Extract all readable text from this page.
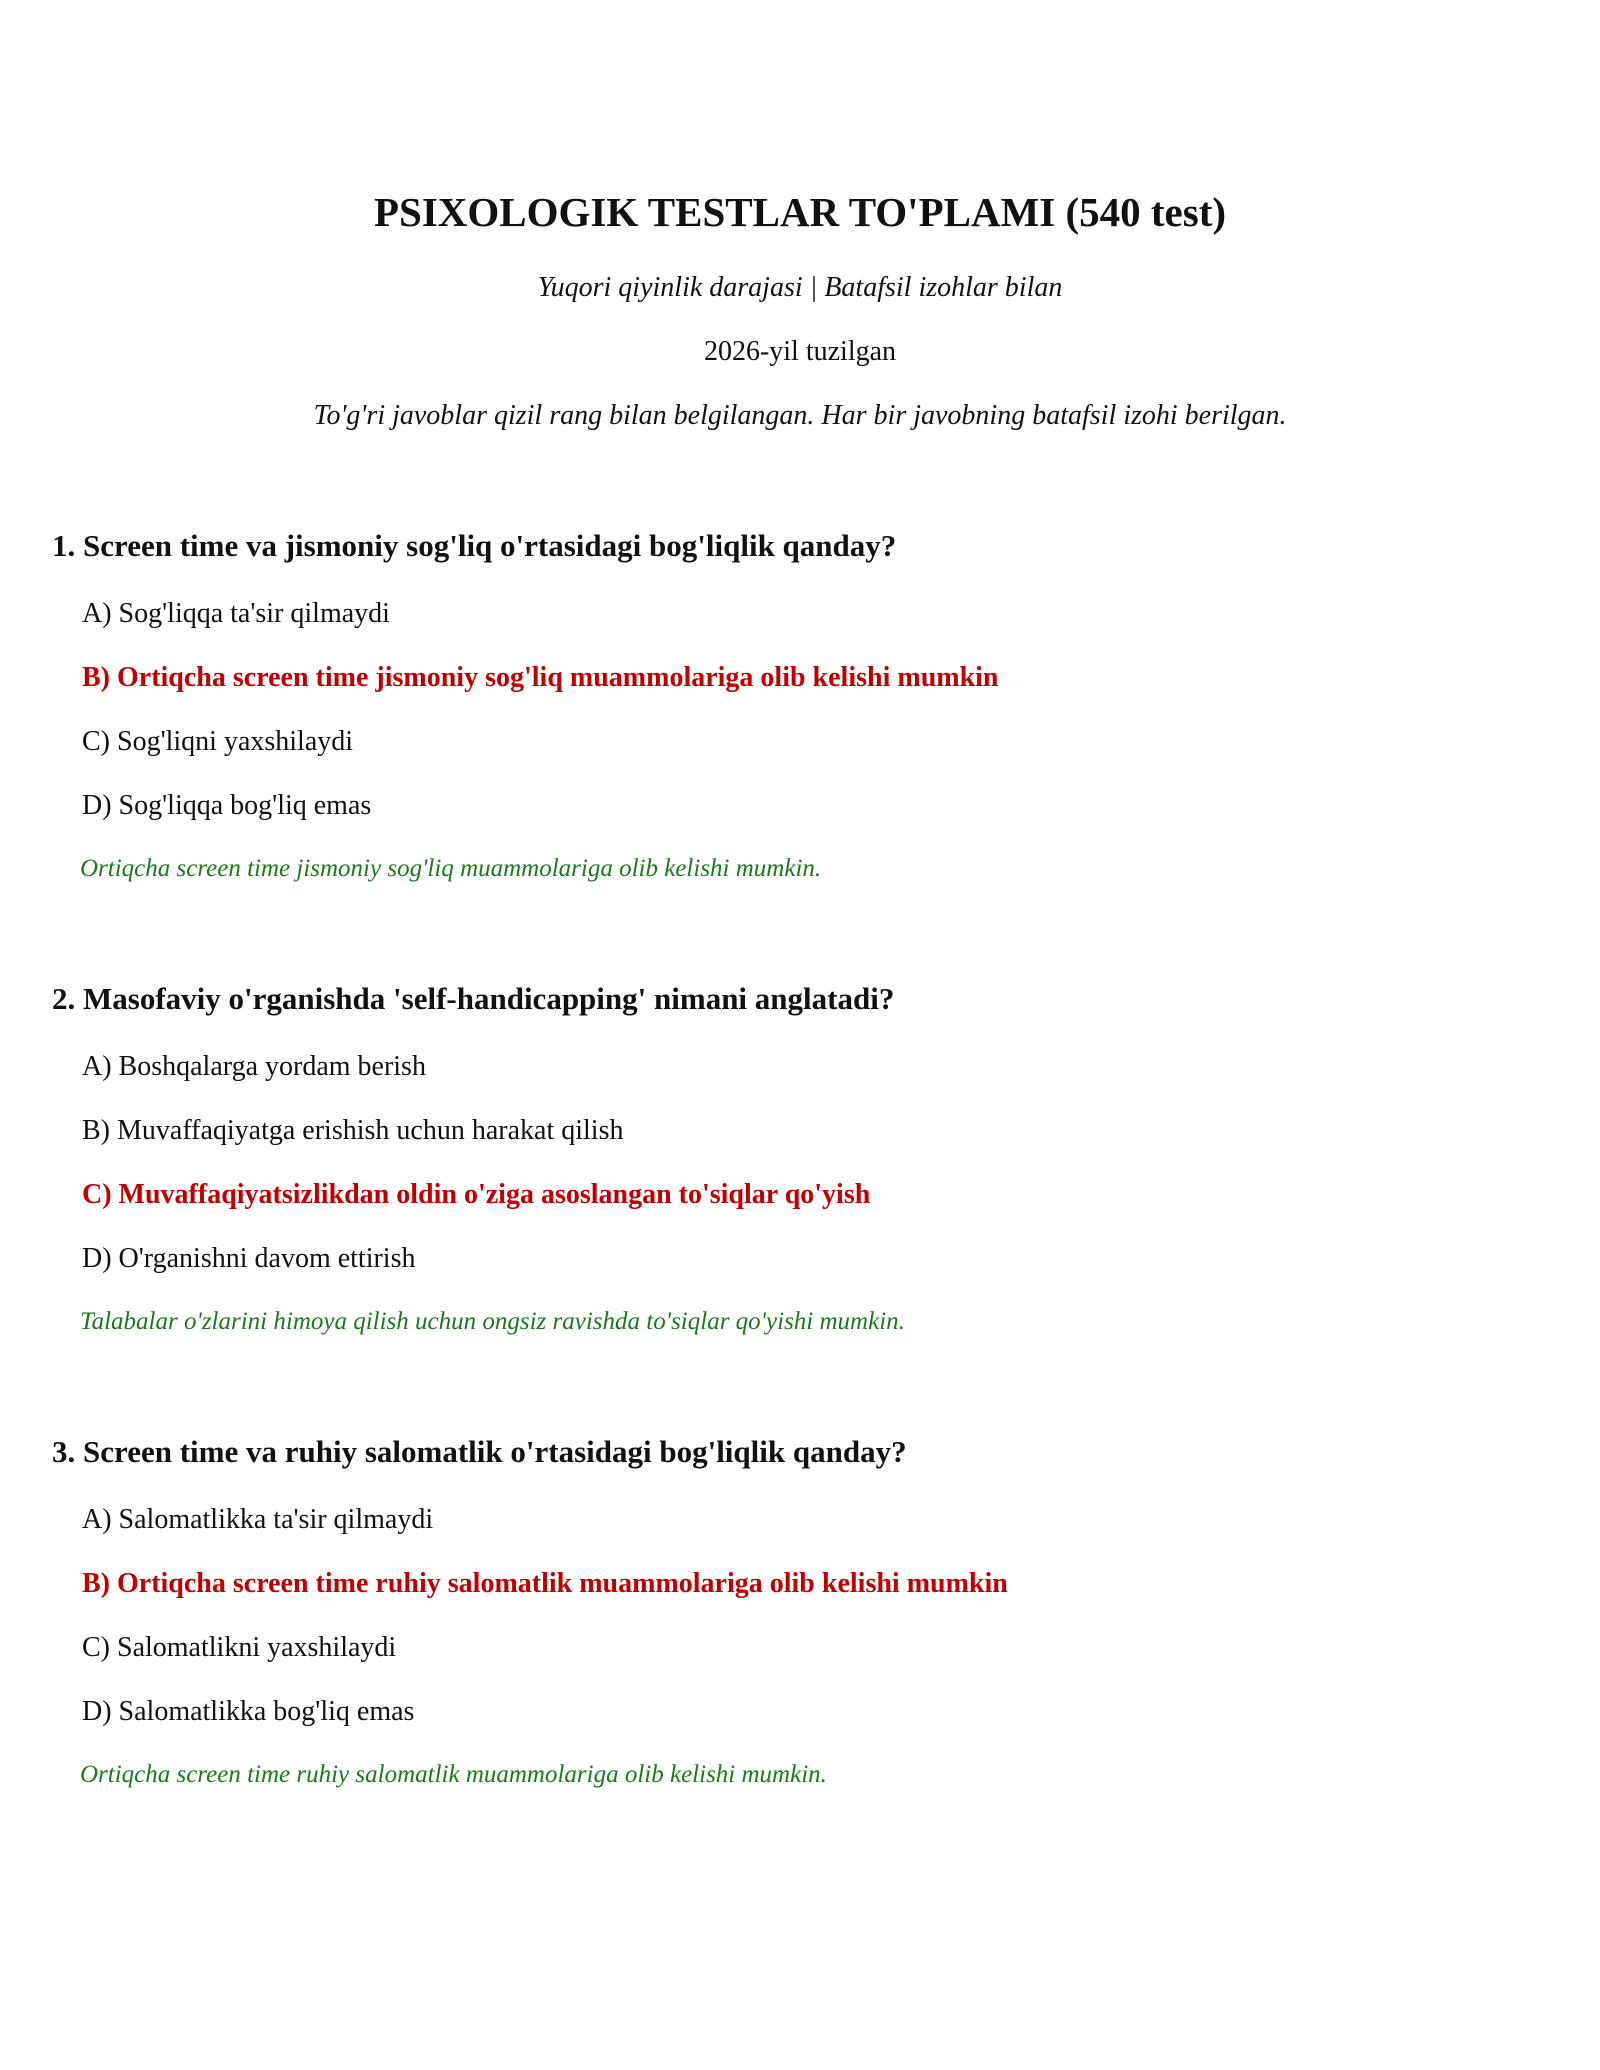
PSIXOLOGIK TESTLAR TO'PLAMI (540 test)

Yuqori qiyinlik darajasi | Batafsil izohlar bilan

2026-yil tuzilgan

To'g'ri javoblar qizil rang bilan belgilangan. Har bir javobning batafsil izohi berilgan.

1. Screen time va jismoniy sog'liq o'rtasidagi bog'liqlik qanday?

A) Sog'liqqa ta'sir qilmaydi

B) Ortiqcha screen time jismoniy sog'liq muammolariga olib kelishi mumkin

C) Sog'liqni yaxshilaydi

D) Sog'liqqa bog'liq emas

Ortiqcha screen time jismoniy sog'liq muammolariga olib kelishi mumkin.

2. Masofaviy o'rganishda 'self-handicapping' nimani anglatadi?

A) Boshqalarga yordam berish

B) Muvaffaqiyatga erishish uchun harakat qilish

C) Muvaffaqiyatsizlikdan oldin o'ziga asoslangan to'siqlar qo'yish

D) O'rganishni davom ettirish

Talabalar o'zlarini himoya qilish uchun ongsiz ravishda to'siqlar qo'yishi mumkin.

3. Screen time va ruhiy salomatlik o'rtasidagi bog'liqlik qanday?

A) Salomatlikka ta'sir qilmaydi

B) Ortiqcha screen time ruhiy salomatlik muammolariga olib kelishi mumkin

C) Salomatlikni yaxshilaydi

D) Salomatlikka bog'liq emas

Ortiqcha screen time ruhiy salomatlik muammolariga olib kelishi mumkin.
